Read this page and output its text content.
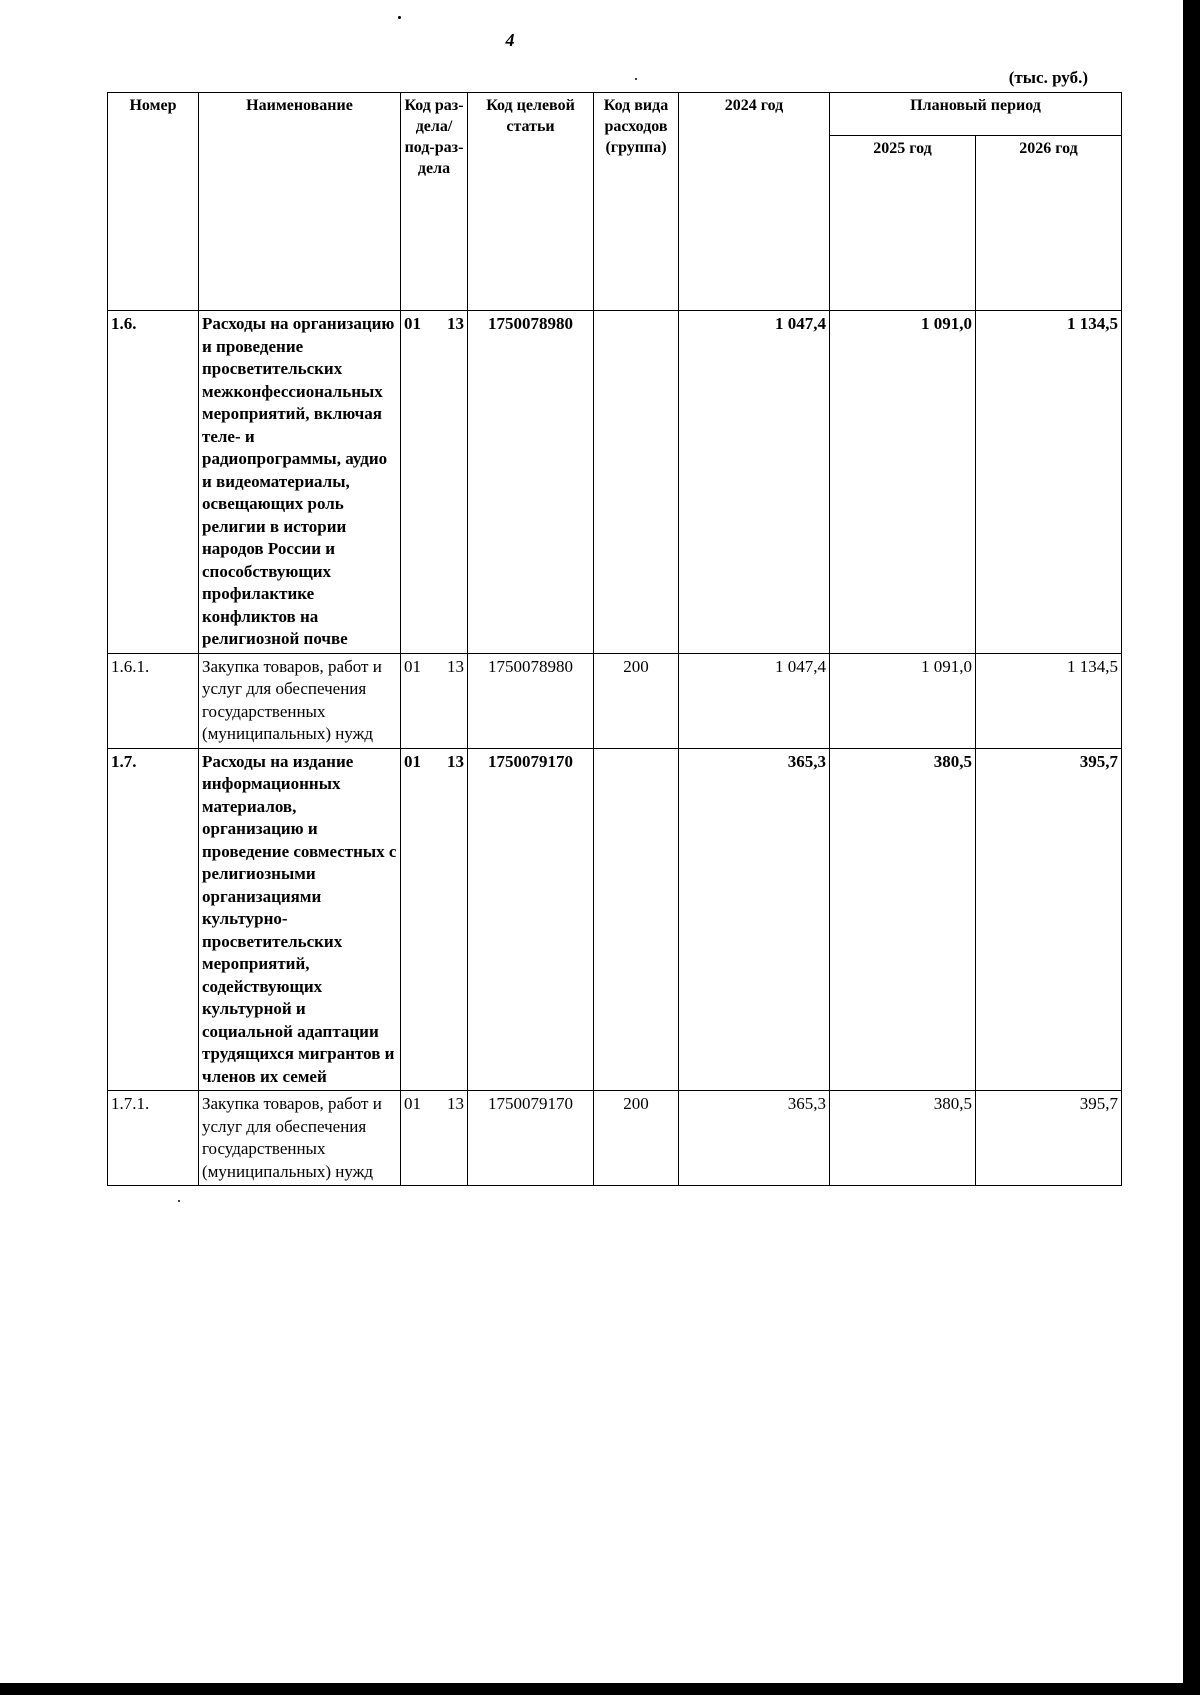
4
(тыс. руб.)
Номер	Наименование	Код раз-дела/ под-раз-дела	Код целевой статьи	Код вида расходов (группа)	2024 год	Плановый период	
						2025 год	2026 год
1.6.	Расходы на организацию и проведение просветительских межконфессиональных мероприятий, включая теле- и радиопрограммы, аудио и видеоматериалы, освещающих роль религии в истории народов России и способствующих профилактике конфликтов на религиозной почве	01 13	1750078980		1 047,4	1 091,0	1 134,5
1.6.1.	Закупка товаров, работ и услуг для обеспечения государственных (муниципальных) нужд	01 13	1750078980	200	1 047,4	1 091,0	1 134,5
1.7.	Расходы на издание информационных материалов, организацию и проведение совместных с религиозными организациями культурно-просветительских мероприятий, содействующих культурной и социальной адаптации трудящихся мигрантов и членов их семей	01 13	1750079170		365,3	380,5	395,7
1.7.1.	Закупка товаров, работ и услуг для обеспечения государственных (муниципальных) нужд	01 13	1750079170	200	365,3	380,5	395,7
